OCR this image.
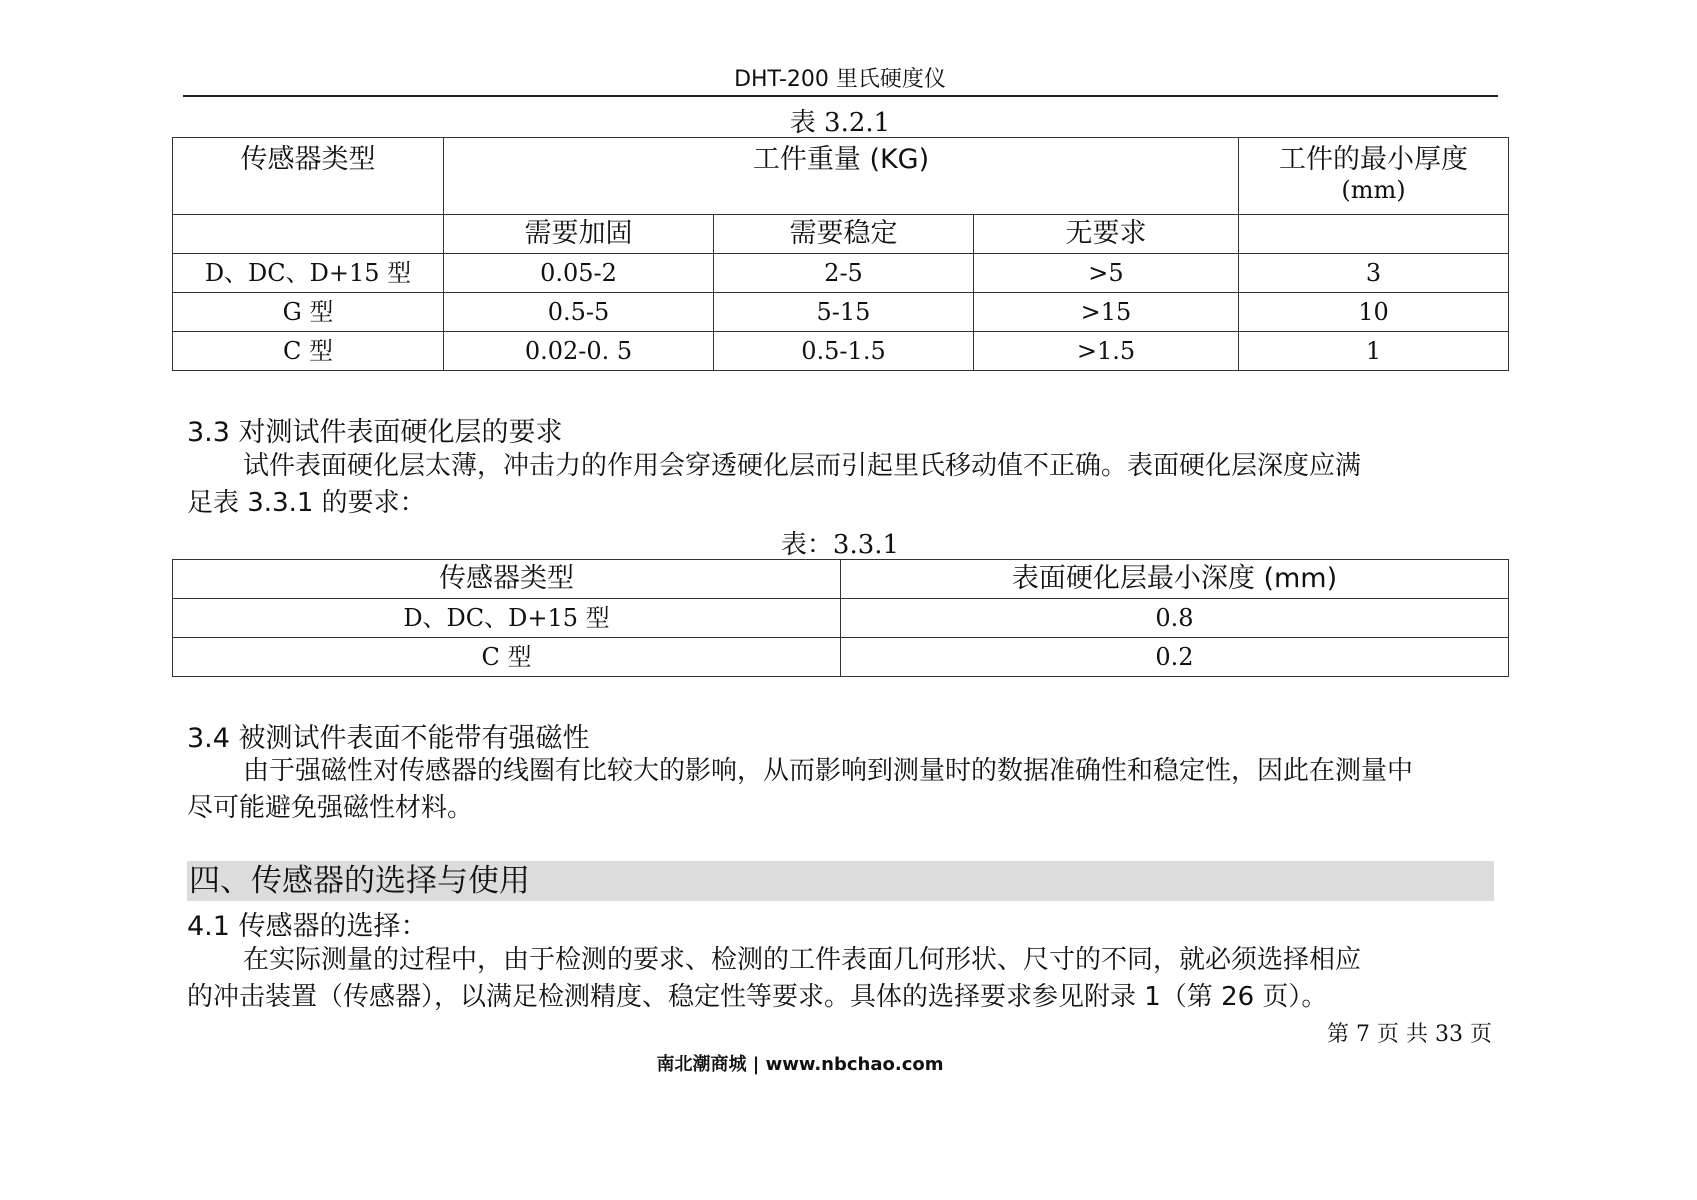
DHT-200 里氏硬度仪
表 3.2.1
传感器类型	工件重量 (KG)			工件的最小厚度
(mm)

	需要加固	需要稳定	无要求	
D、DC、D+15 型	0.05-2	2-5	>5	3
G 型	0.5-5	5-15	>15	10
C 型	0.02-0. 5	0.5-1.5	>1.5	1
3.3 对测试件表面硬化层的要求
试件表面硬化层太薄，冲击力的作用会穿透硬化层而引起里氏移动值不正确。表面硬化层深度应满
足表 3.3.1 的要求：
表：3.3.1
传感器类型	表面硬化层最小深度 (mm)
D、DC、D+15 型	0.8
C 型	0.2
3.4 被测试件表面不能带有强磁性
由于强磁性对传感器的线圈有比较大的影响，从而影响到测量时的数据准确性和稳定性，因此在测量中
尽可能避免强磁性材料。
四、传感器的选择与使用
4.1 传感器的选择：
在实际测量的过程中，由于检测的要求、检测的工件表面几何形状、尺寸的不同，就必须选择相应
的冲击装置（传感器），以满足检测精度、稳定性等要求。具体的选择要求参见附录 1（第 26 页）。
第 7 页 共 33 页
南北潮商城 | www.nbchao.com
